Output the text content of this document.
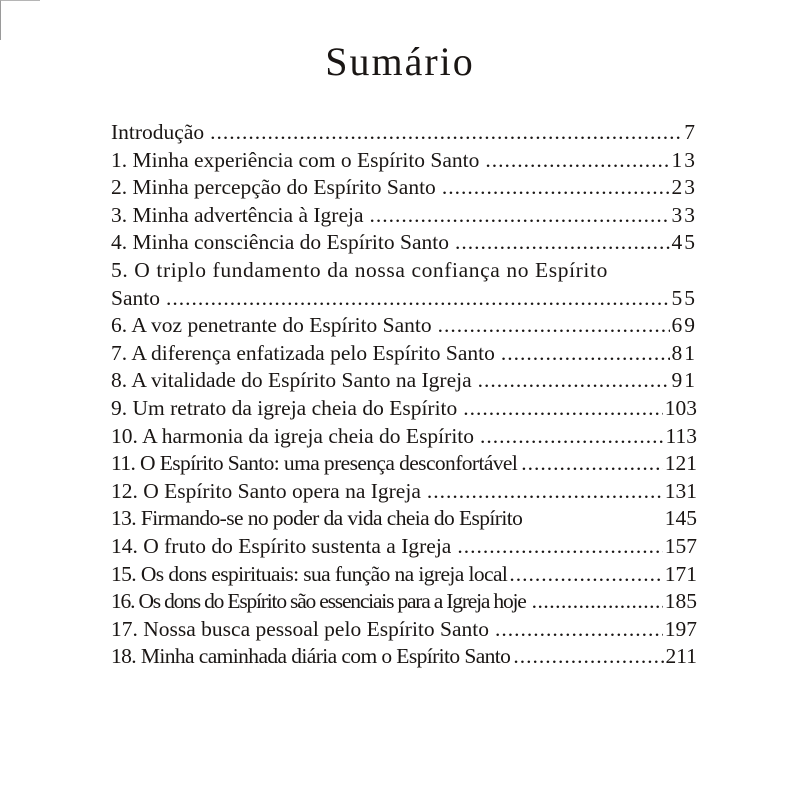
Sumário
Introdução .....	7
1. Minha experiência com o Espírito Santo .....	13
2. Minha percepção do Espírito Santo .....	23
3. Minha advertência à Igreja .....	33
4. Minha consciência do Espírito Santo .....	45
5. O triplo fundamento da nossa confiança no Espírito
Santo .....	55
6. A voz penetrante do Espírito Santo .....	69
7. A diferença enfatizada pelo Espírito Santo .....	81
8. A vitalidade do Espírito Santo na Igreja .....	91
9. Um retrato da igreja cheia do Espírito .....	103
10. A harmonia da igreja cheia do Espírito .....	113
11. O Espírito Santo: uma presença desconfortável .....	121
12. O Espírito Santo opera na Igreja .....	131
13. Firmando-se no poder da vida cheia do Espírito	145
14. O fruto do Espírito sustenta a Igreja .....	157
15. Os dons espirituais: sua função na igreja local .....	171
16. Os dons do Espírito são essenciais para a Igreja hoje .....	185
17. Nossa busca pessoal pelo Espírito Santo .....	197
18. Minha caminhada diária com o Espírito Santo .....	211
